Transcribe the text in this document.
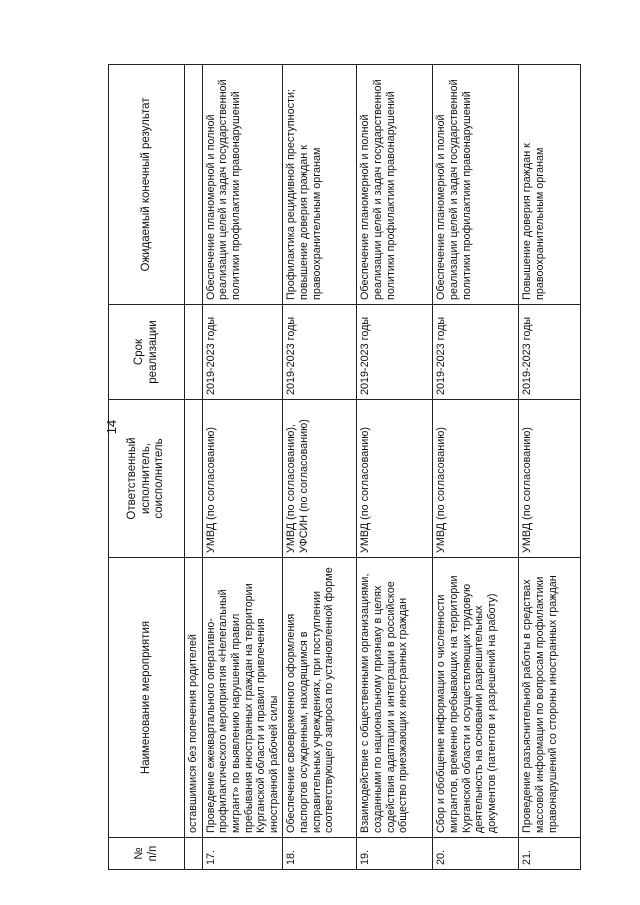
14
№ п/п	Наименование мероприятия	Ответственный исполнитель, соисполнитель	Срок реализации	Ожидаемый конечный результат
	оставшимися без попечения родителей			
17.	Проведение ежеквартального оперативно-профилактического мероприятия «Нелегальный мигрант» по выявлению нарушений правил пребывания иностранных граждан на территории Курганской области и правил привлечения иностранной рабочей силы	УМВД (по согласованию)	2019-2023 годы	Обеспечение планомерной и полной реализации целей и задач государственной политики профилактики правонарушений
18.	Обеспечение своевременного оформления паспортов осужденным, находящимся в исправительных учреждениях, при поступлении соответствующего запроса по установленной форме	УМВД (по согласованию), УФСИН (по согласованию)	2019-2023 годы	Профилактика рецидивной преступности; повышение доверия граждан к правоохранительным органам
19.	Взаимодействие с общественными организациями, созданными по национальному признаку в целях содействия адаптации и интеграции в российское общество приезжающих иностранных граждан	УМВД (по согласованию)	2019-2023 годы	Обеспечение планомерной и полной реализации целей и задач государственной политики профилактики правонарушений
20.	Сбор и обобщение информации о численности мигрантов, временно пребывающих на территории Курганской области и осуществляющих трудовую деятельность на основании разрешительных документов (патентов и разрешений на работу)	УМВД (по согласованию)	2019-2023 годы	Обеспечение планомерной и полной реализации целей и задач государственной политики профилактики правонарушений
21.	Проведение разъяснительной работы в средствах массовой информации по вопросам профилактики правонарушений со стороны иностранных граждан	УМВД (по согласованию)	2019-2023 годы	Повышение доверия граждан к правоохранительным органам
